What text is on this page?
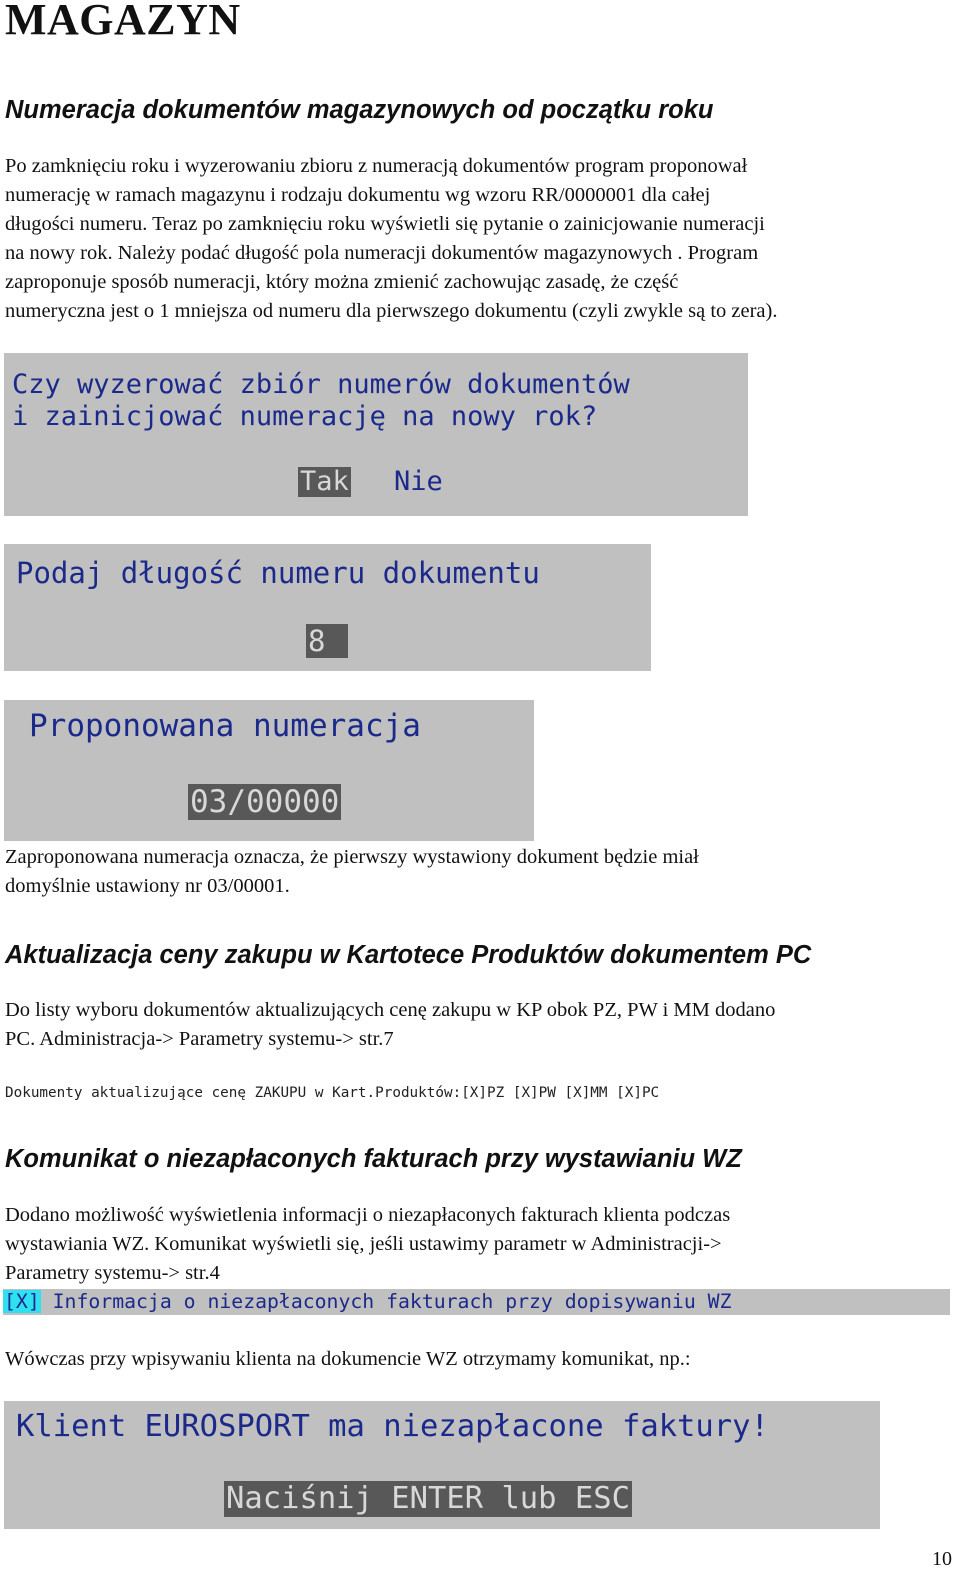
MAGAZYN
Numeracja dokumentów magazynowych od początku roku
Po zamknięciu roku i wyzerowaniu zbioru z numeracją dokumentów program proponował
numerację w ramach magazynu i rodzaju dokumentu wg wzoru RR/0000001 dla całej
długości numeru. Teraz po zamknięciu roku wyświetli się pytanie o zainicjowanie numeracji
na nowy rok. Należy podać długość pola numeracji dokumentów magazynowych . Program
zaproponuje sposób numeracji, który można zmienić zachowując zasadę, że część
numeryczna jest o 1 mniejsza od numeru dla pierwszego dokumentu (czyli zwykle są to zera).
Czy wyzerować zbiór numerów dokumentów
i zainicjować numerację na nowy rok?
Tak Nie
Podaj długość numeru dokumentu
8
Proponowana numeracja
03/00000
Zaproponowana numeracja oznacza, że pierwszy wystawiony dokument będzie miał
domyślnie ustawiony nr 03/00001.
Aktualizacja ceny zakupu w Kartotece Produktów dokumentem PC
Do listy wyboru dokumentów aktualizujących cenę zakupu w KP obok PZ, PW i MM dodano
PC. Administracja-> Parametry systemu-> str.7
Dokumenty aktualizujące cenę ZAKUPU w Kart.Produktów:[X]PZ [X]PW [X]MM [X]PC
Komunikat o niezapłaconych fakturach przy wystawianiu WZ
Dodano możliwość wyświetlenia informacji o niezapłaconych fakturach klienta podczas
wystawiania WZ. Komunikat wyświetli się, jeśli ustawimy parametr w Administracji->
Parametry systemu-> str.4
[X] Informacja o niezapłaconych fakturach przy dopisywaniu WZ
Wówczas przy wpisywaniu klienta na dokumencie WZ otrzymamy komunikat, np.:
Klient EUROSPORT ma niezapłacone faktury!
Naciśnij ENTER lub ESC
10
